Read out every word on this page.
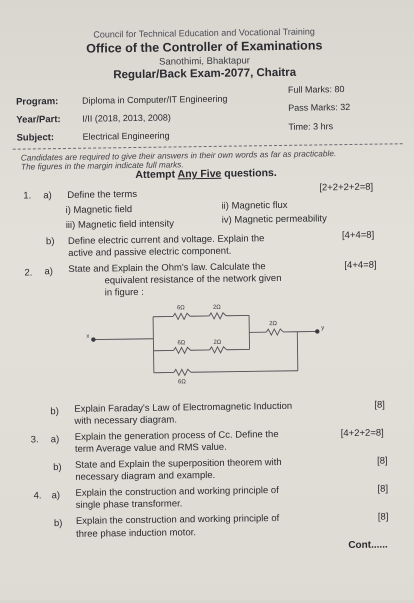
Council for Technical Education and Vocational Training
Office of the Controller of Examinations
Sanothimi, Bhaktapur
Regular/Back Exam-2077, Chaitra
Program:	Diploma in Computer/IT Engineering
Year/Part: I/II (2018, 2013, 2008)
Subject:	Electrical Engineering
Full Marks: 80
Pass Marks: 32
Time: 3 hrs
Candidates are required to give their answers in their own words as far as practicable.
The figures in the margin indicate full marks.
Attempt Any Five questions.
1. a) Define the terms
[2+2+2+2=8]
i) Magnetic field	ii) Magnetic flux
iii) Magnetic field intensity	iv) Magnetic permeability
b) Define electric current and voltage. Explain the
active and passive electric component.
[4+4=8]
2. a) State and Explain the Ohm's law. Calculate the
equivalent resistance of the network given
in figure :
[4+4=8]
x
y
6Ω	2Ω
6Ω	2Ω
2Ω
6Ω
b) Explain Faraday's Law of Electromagnetic Induction
with necessary diagram.
[8]
3. a) Explain the generation process of Cc. Define the
term Average value and RMS value.
[4+2+2=8]
b) State and Explain the superposition theorem with
necessary diagram and example.
[8]
4. a) Explain the construction and working principle of
single phase transformer.
[8]
b) Explain the construction and working principle of
three phase induction motor.
[8]
Cont......
